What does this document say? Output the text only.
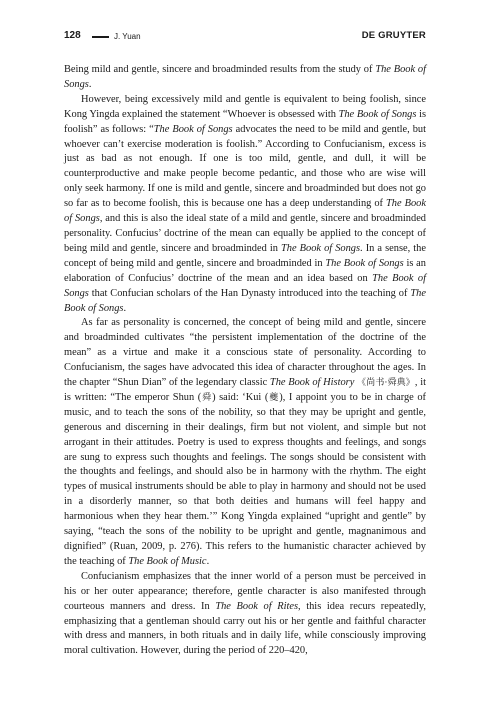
128	J. Yuan	DE GRUYTER

Being mild and gentle, sincere and broadminded results from the study of The Book of Songs.

However, being excessively mild and gentle is equivalent to being foolish, since Kong Yingda explained the statement “Whoever is obsessed with The Book of Songs is foolish” as follows: “The Book of Songs advocates the need to be mild and gentle, but whoever can’t exercise moderation is foolish.” According to Confucianism, excess is just as bad as not enough. If one is too mild, gentle, and dull, it will be counterproductive and make people become pedantic, and those who are wise will only seek harmony. If one is mild and gentle, sincere and broadminded but does not go so far as to become foolish, this is because one has a deep understanding of The Book of Songs, and this is also the ideal state of a mild and gentle, sincere and broadminded personality. Confucius’ doctrine of the mean can equally be applied to the concept of being mild and gentle, sincere and broadminded in The Book of Songs. In a sense, the concept of being mild and gentle, sincere and broadminded in The Book of Songs is an elaboration of Confucius’ doctrine of the mean and an idea based on The Book of Songs that Confucian scholars of the Han Dynasty introduced into the teaching of The Book of Songs.

As far as personality is concerned, the concept of being mild and gentle, sincere and broadminded cultivates “the persistent implementation of the doctrine of the mean” as a virtue and make it a conscious state of personality. According to Confucianism, the sages have advocated this idea of character throughout the ages. In the chapter “Shun Dian” of the legendary classic The Book of History 《尚书·舜典》, it is written: “The emperor Shun (舜) said: ‘Kui (夔), I appoint you to be in charge of music, and to teach the sons of the nobility, so that they may be upright and gentle, generous and discerning in their dealings, firm but not violent, and simple but not arrogant in their attitudes. Poetry is used to express thoughts and feelings, and songs are sung to express such thoughts and feelings. The songs should be consistent with the thoughts and feelings, and should also be in harmony with the rhythm. The eight types of musical instruments should be able to play in harmony and should not be used in a disorderly manner, so that both deities and humans will feel happy and harmonious when they hear them.’” Kong Yingda explained “upright and gentle” by saying, “teach the sons of the nobility to be upright and gentle, magnanimous and dignified” (Ruan, 2009, p. 276). This refers to the humanistic character achieved by the teaching of The Book of Music.

Confucianism emphasizes that the inner world of a person must be perceived in his or her outer appearance; therefore, gentle character is also manifested through courteous manners and dress. In The Book of Rites, this idea recurs repeatedly, emphasizing that a gentleman should carry out his or her gentle and faithful character with dress and manners, in both rituals and in daily life, while consciously improving moral cultivation. However, during the period of 220–420,
